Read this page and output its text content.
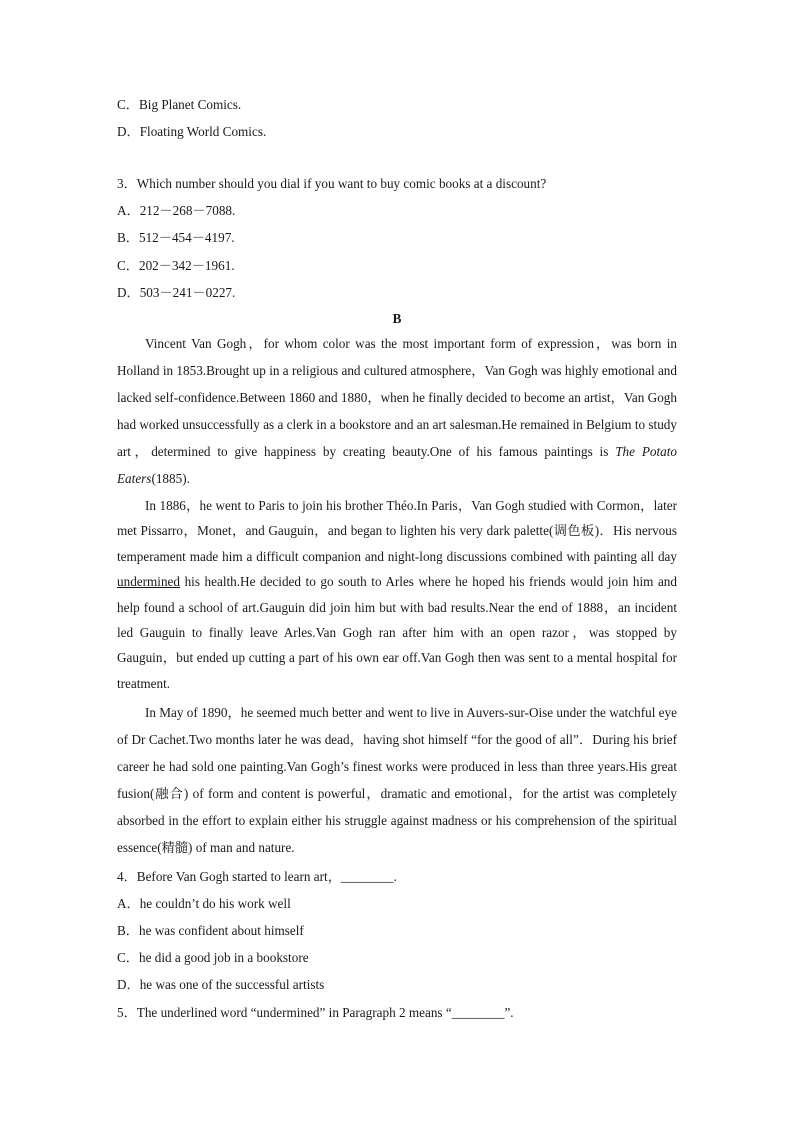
C．Big Planet Comics.
D．Floating World Comics.
3．Which number should you dial if you want to buy comic books at a discount?
A．212－268－7088.
B．512－454－4197.
C．202－342－1961.
D．503－241－0227.
B
Vincent Van Gogh，for whom color was the most important form of expression，was born in Holland in 1853.Brought up in a religious and cultured atmosphere，Van Gogh was highly emotional and lacked self-confidence.Between 1860 and 1880，when he finally decided to become an artist，Van Gogh had worked unsuccessfully as a clerk in a bookstore and an art salesman.He remained in Belgium to study art，determined to give happiness by creating beauty.One of his famous paintings is The Potato Eaters(1885).
In 1886，he went to Paris to join his brother Théo.In Paris，Van Gogh studied with Cormon，later met Pissarro，Monet，and Gauguin，and began to lighten his very dark palette(调色板)．His nervous temperament made him a difficult companion and night-long discussions combined with painting all day undermined his health.He decided to go south to Arles where he hoped his friends would join him and help found a school of art.Gauguin did join him but with bad results.Near the end of 1888，an incident led Gauguin to finally leave Arles.Van Gogh ran after him with an open razor，was stopped by Gauguin，but ended up cutting a part of his own ear off.Van Gogh then was sent to a mental hospital for treatment.
In May of 1890，he seemed much better and went to live in Auvers-sur-Oise under the watchful eye of Dr Cachet.Two months later he was dead，having shot himself “for the good of all”．During his brief career he had sold one painting.Van Gogh’s finest works were produced in less than three years.His great fusion(融合) of form and content is powerful，dramatic and emotional，for the artist was completely absorbed in the effort to explain either his struggle against madness or his comprehension of the spiritual essence(精髓) of man and nature.
4．Before Van Gogh started to learn art，________.
A．he couldn’t do his work well
B．he was confident about himself
C．he did a good job in a bookstore
D．he was one of the successful artists
5．The underlined word “undermined” in Paragraph 2 means “________”.
